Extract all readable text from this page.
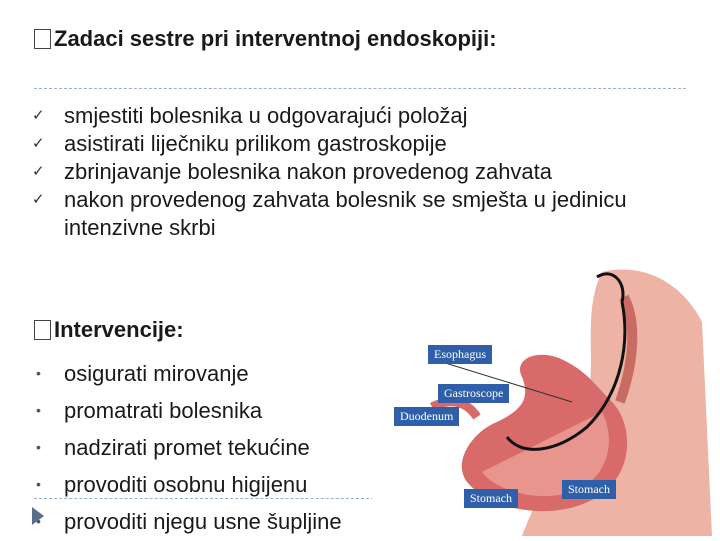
Zadaci sestre pri interventnoj endoskopiji:
✓ smjestiti bolesnika u odgovarajući položaj
✓ asistirati liječniku prilikom gastroskopije
✓ zbrinjavanje bolesnika nakon provedenog zahvata
✓ nakon provedenog zahvata bolesnik se smješta u jedinicu intenzivne skrbi
Intervencije:
• osigurati mirovanje
• promatrati bolesnika
• nadzirati promet tekućine
• provoditi osobnu higijenu
• provoditi njegu usne šupljine
Esophagus
Gastroscope
Duodenum
Stomach
Stomach
